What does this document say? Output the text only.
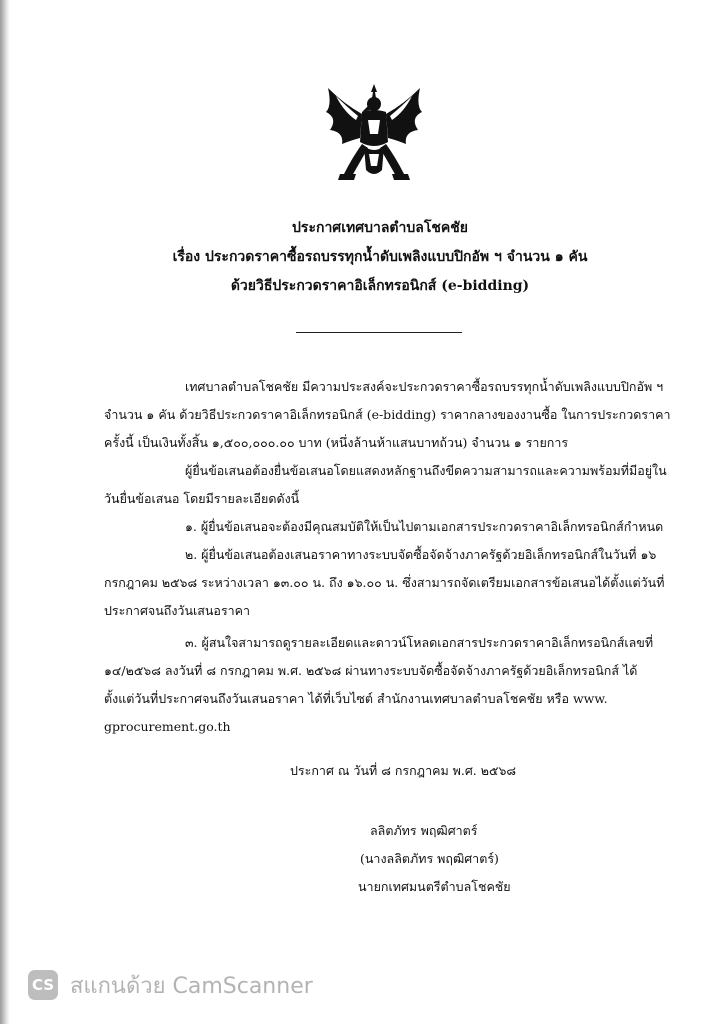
ประกาศเทศบาลตำบลโชคชัย
เรื่อง ประกวดราคาซื้อรถบรรทุกน้ำดับเพลิงแบบปิกอัพ ฯ จำนวน ๑ คัน
ด้วยวิธีประกวดราคาอิเล็กทรอนิกส์ (e-bidding)
เทศบาลตำบลโชคชัย มีความประสงค์จะประกวดราคาซื้อรถบรรทุกน้ำดับเพลิงแบบปิกอัพ ฯ
จำนวน ๑ คัน ด้วยวิธีประกวดราคาอิเล็กทรอนิกส์ (e-bidding) ราคากลางของงานซื้อ ในการประกวดราคา
ครั้งนี้ เป็นเงินทั้งสิ้น ๑,๕๐๐,๐๐๐.๐๐ บาท (หนึ่งล้านห้าแสนบาทถ้วน) จำนวน ๑ รายการ
ผู้ยื่นข้อเสนอต้องยื่นข้อเสนอโดยแสดงหลักฐานถึงขีดความสามารถและความพร้อมที่มีอยู่ใน
วันยื่นข้อเสนอ โดยมีรายละเอียดดังนี้
๑. ผู้ยื่นข้อเสนอจะต้องมีคุณสมบัติให้เป็นไปตามเอกสารประกวดราคาอิเล็กทรอนิกส์กำหนด
๒. ผู้ยื่นข้อเสนอต้องเสนอราคาทางระบบจัดซื้อจัดจ้างภาครัฐด้วยอิเล็กทรอนิกส์ในวันที่ ๑๖
กรกฎาคม ๒๕๖๘ ระหว่างเวลา ๑๓.๐๐ น. ถึง ๑๖.๐๐ น. ซึ่งสามารถจัดเตรียมเอกสารข้อเสนอได้ตั้งแต่วันที่
ประกาศจนถึงวันเสนอราคา
๓. ผู้สนใจสามารถดูรายละเอียดและดาวน์โหลดเอกสารประกวดราคาอิเล็กทรอนิกส์เลขที่
๑๔/๒๕๖๘ ลงวันที่ ๘ กรกฎาคม พ.ศ. ๒๕๖๘ ผ่านทางระบบจัดซื้อจัดจ้างภาครัฐด้วยอิเล็กทรอนิกส์ ได้
ตั้งแต่วันที่ประกาศจนถึงวันเสนอราคา ได้ที่เว็บไซต์ สำนักงานเทศบาลตำบลโชคชัย หรือ www.
gprocurement.go.th
ประกาศ ณ วันที่ ๘ กรกฎาคม พ.ศ. ๒๕๖๘
ลลิตภัทร พฤฒิศาตร์
(นางลลิตภัทร พฤฒิศาตร์)
นายกเทศมนตรีตำบลโชคชัย
CS สแกนด้วย CamScanner
